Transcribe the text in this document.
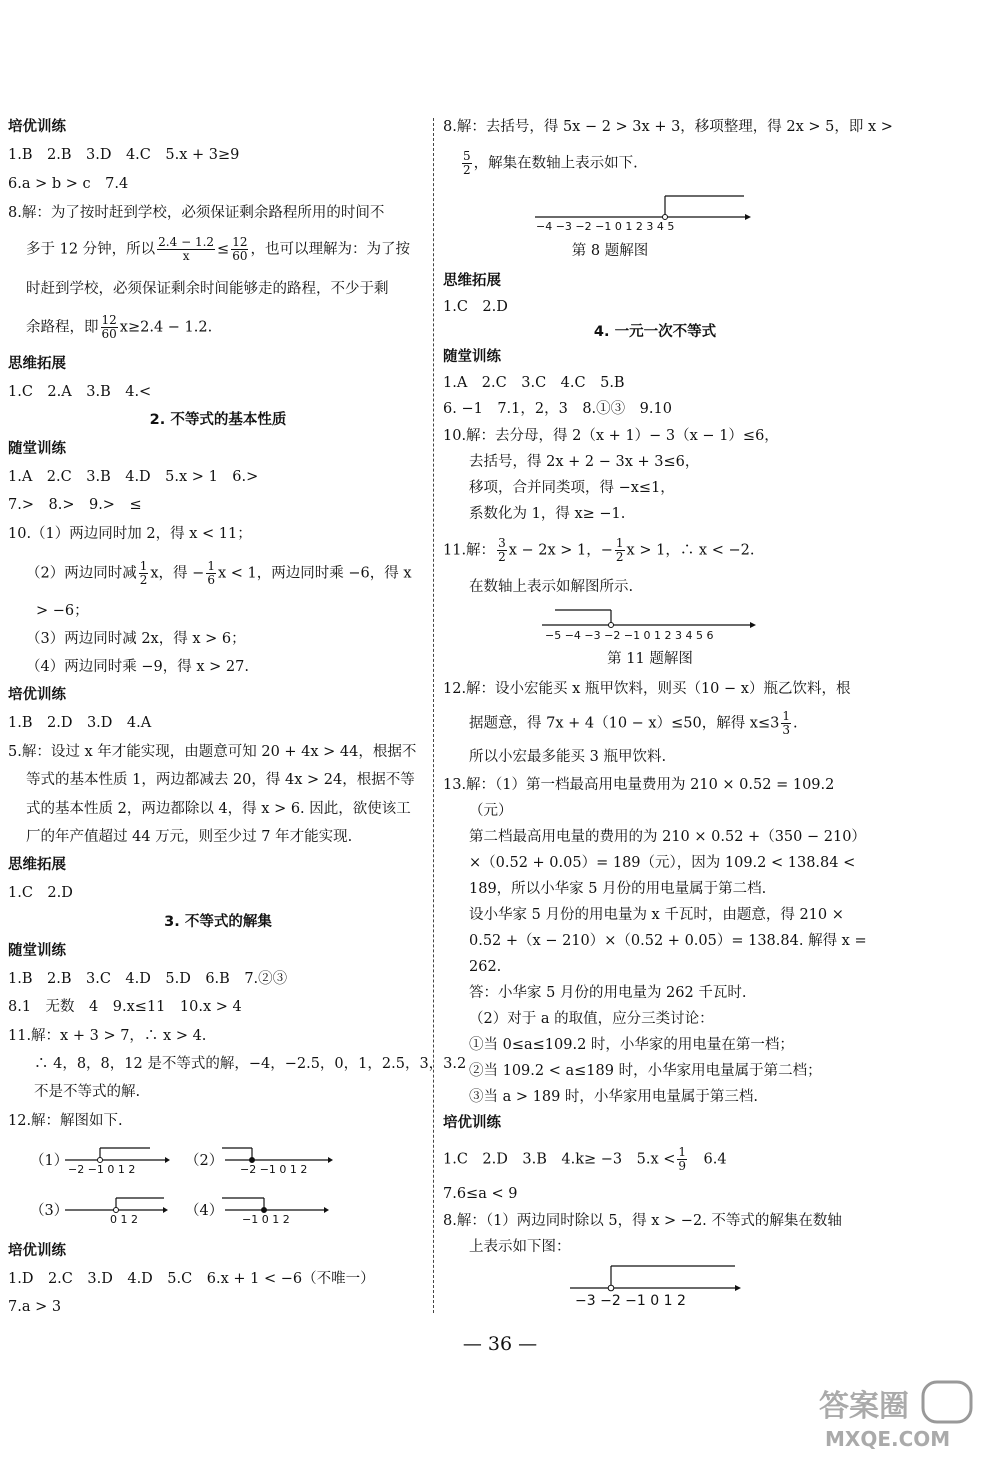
培优训练
1.B　2.B　3.D　4.C　5.x + 3≥9
6.a > b > c　7.4
8.解：为了按时赶到学校，必须保证剩余路程所用的时间不
多于 12 分钟，所以 $\frac{2.4 - 1.2}{x} \le \frac{12}{60}$ ，也可以理解为：为了按
时赶到学校，必须保证剩余时间能够走的路程，不少于剩
余路程，即 $\frac{12}{60} x\ge 2.4 - 1.2$.
思维拓展
1.C　2.A　3.B　4.<
2. 不等式的基本性质
随堂训练
1.A　2.C　3.B　4.D　5.x > 1　6.>
7.>　8.>　9.>　≤
10.（1）两边同时加 2，得 x < 11；
（2）两边同时减 $\frac{1}{2}$ x，得 − $\frac{1}{6}$ x < 1，两边同时乘 −6，得 x
> −6；
（3）两边同时减 2x，得 x > 6；
（4）两边同时乘 −9，得 x > 27.
培优训练
1.B　2.D　3.D　4.A
5.解：设过 x 年才能实现，由题意可知 20 + 4x > 44，根据不
等式的基本性质 1，两边都减去 20，得 4x > 24，根据不等
式的基本性质 2，两边都除以 4，得 x > 6. 因此，欲使该工
厂的年产值超过 44 万元，则至少过 7 年才能实现.
思维拓展
1.C　2.D
3. 不等式的解集
随堂训练
1.B　2.B　3.C　4.D　5.D　6.B　7.②③
8.1　无数　4　9.x≤11　10.x > 4
11.解：x + 3 > 7，∴ x > 4.
∴ 4，8，8，12 是不等式的解，−4，−2.5，0，1，2.5，3，3.2
不是不等式的解.
12.解：解图如下.
（1）
−2 −1 0 1 2
（2）
−2 −1 0 1 2
（3）
0 1 2
（4）
−1 0 1 2
培优训练
1.D　2.C　3.D　4.D　5.C　6.x + 1 < −6（不唯一）
7.a > 3
8.解：去括号，得 5x − 2 > 3x + 3，移项整理，得 2x > 5，即 x >
$\frac{5}{2}$ ，解集在数轴上表示如下.
−4 −3 −2 −1 0 1 2 3 4 5
第 8 题解图
思维拓展
1.C　2.D
4. 一元一次不等式
随堂训练
1.A　2.C　3.C　4.C　5.B
6. −1　7.1，2，3　8.①③　9.10
10.解：去分母，得 2（x + 1）− 3（x − 1）≤6，
去括号，得 2x + 2 − 3x + 3≤6，
移项，合并同类项，得 −x≤1，
系数化为 1，得 x≥ −1.
11.解： $\frac{3}{2}$ x − 2x > 1，− $\frac{1}{2}$ x > 1，∴ x < −2.
在数轴上表示如解图所示.
−5 −4 −3 −2 −1 0 1 2 3 4 5 6
第 11 题解图
12.解：设小宏能买 x 瓶甲饮料，则买（10 − x）瓶乙饮料，根
据题意，得 7x + 4（10 − x）≤50，解得 $x\le 3 \frac{1}{3}$ .
所以小宏最多能买 3 瓶甲饮料.
13.解：（1）第一档最高用电量费用为 210 × 0.52 = 109.2
（元）
第二档最高用电量的费用的为 210 × 0.52 +（350 − 210）
×（0.52 + 0.05）= 189（元），因为 109.2 < 138.84 <
189，所以小华家 5 月份的用电量属于第二档.
设小华家 5 月份的用电量为 x 千瓦时，由题意，得 210 ×
0.52 +（x − 210）×（0.52 + 0.05）= 138.84. 解得 x =
262.
答：小华家 5 月份的用电量为 262 千瓦时.
（2）对于 a 的取值，应分三类讨论：
①当 0≤a≤109.2 时，小华家的用电量在第一档；
②当 109.2 < a≤189 时，小华家用电量属于第二档；
③当 a > 189 时，小华家用电量属于第三档.
培优训练
1.C　2.D　3.B　4.k≥ −3　$5.x < \frac{1}{9}$ 　6.4
7.6≤a < 9
8.解：（1）两边同时除以 5，得 x > −2. 不等式的解集在数轴
上表示如下图：
−3 −2 −1 0 1 2
— 36 —
答案圈
MXQE.COM
